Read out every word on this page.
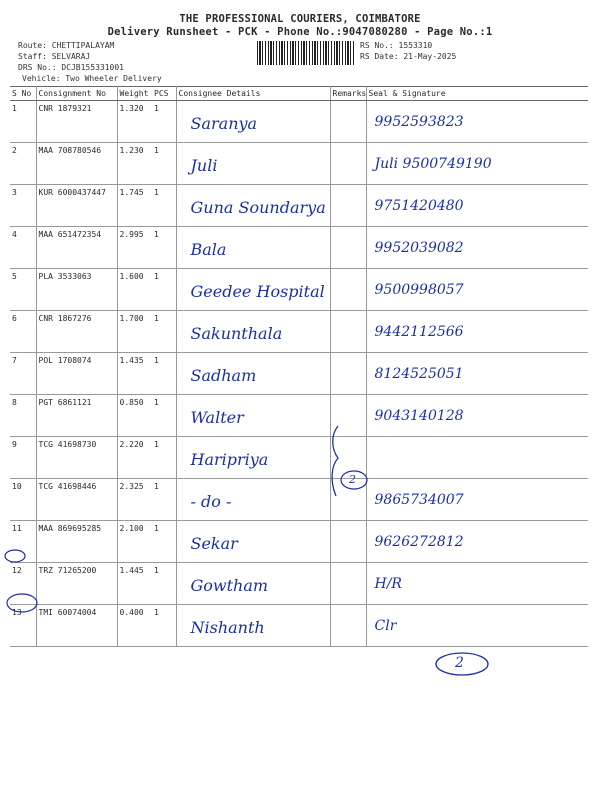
THE PROFESSIONAL COURIERS, COIMBATORE
Delivery Runsheet - PCK - Phone No.:9047080280 - Page No.:1
Route: CHETTIPALAYAM
Staff: SELVARAJ
DRS No.: DCJB155331001
Vehicle: Two Wheeler Delivery
RS No.: 1553310
RS Date: 21-May-2025
S No	Consignment No	Weight	PCS	Consignee Details	Remarks	Seal & Signature
1	CNR 1879321	1.320	1	Saranya		9952593823

2	MAA 708780546	1.230	1	Juli		Juli 9500749190

3	KUR 6000437447	1.745	1	Guna Soundarya		9751420480

4	MAA 651472354	2.995	1	Bala		9952039082

5	PLA 3533063	1.600	1	Geedee Hospital		9500998057

6	CNR 1867276	1.700	1	Sakunthala		9442112566

7	POL 1708074	1.435	1	Sadham		8124525051

8	PGT 6861121	0.850	1	Walter		9043140128

9	TCG 41698730	2.220	1	Haripriya		

10	TCG 41698446	2.325	1	- do -		9865734007

11	MAA 869695285	2.100	1	Sekar		9626272812

12	TRZ 71265200	1.445	1	Gowtham		H/R

13	TMI 60074004	0.400	1	Nishanth		Clr
2
2
